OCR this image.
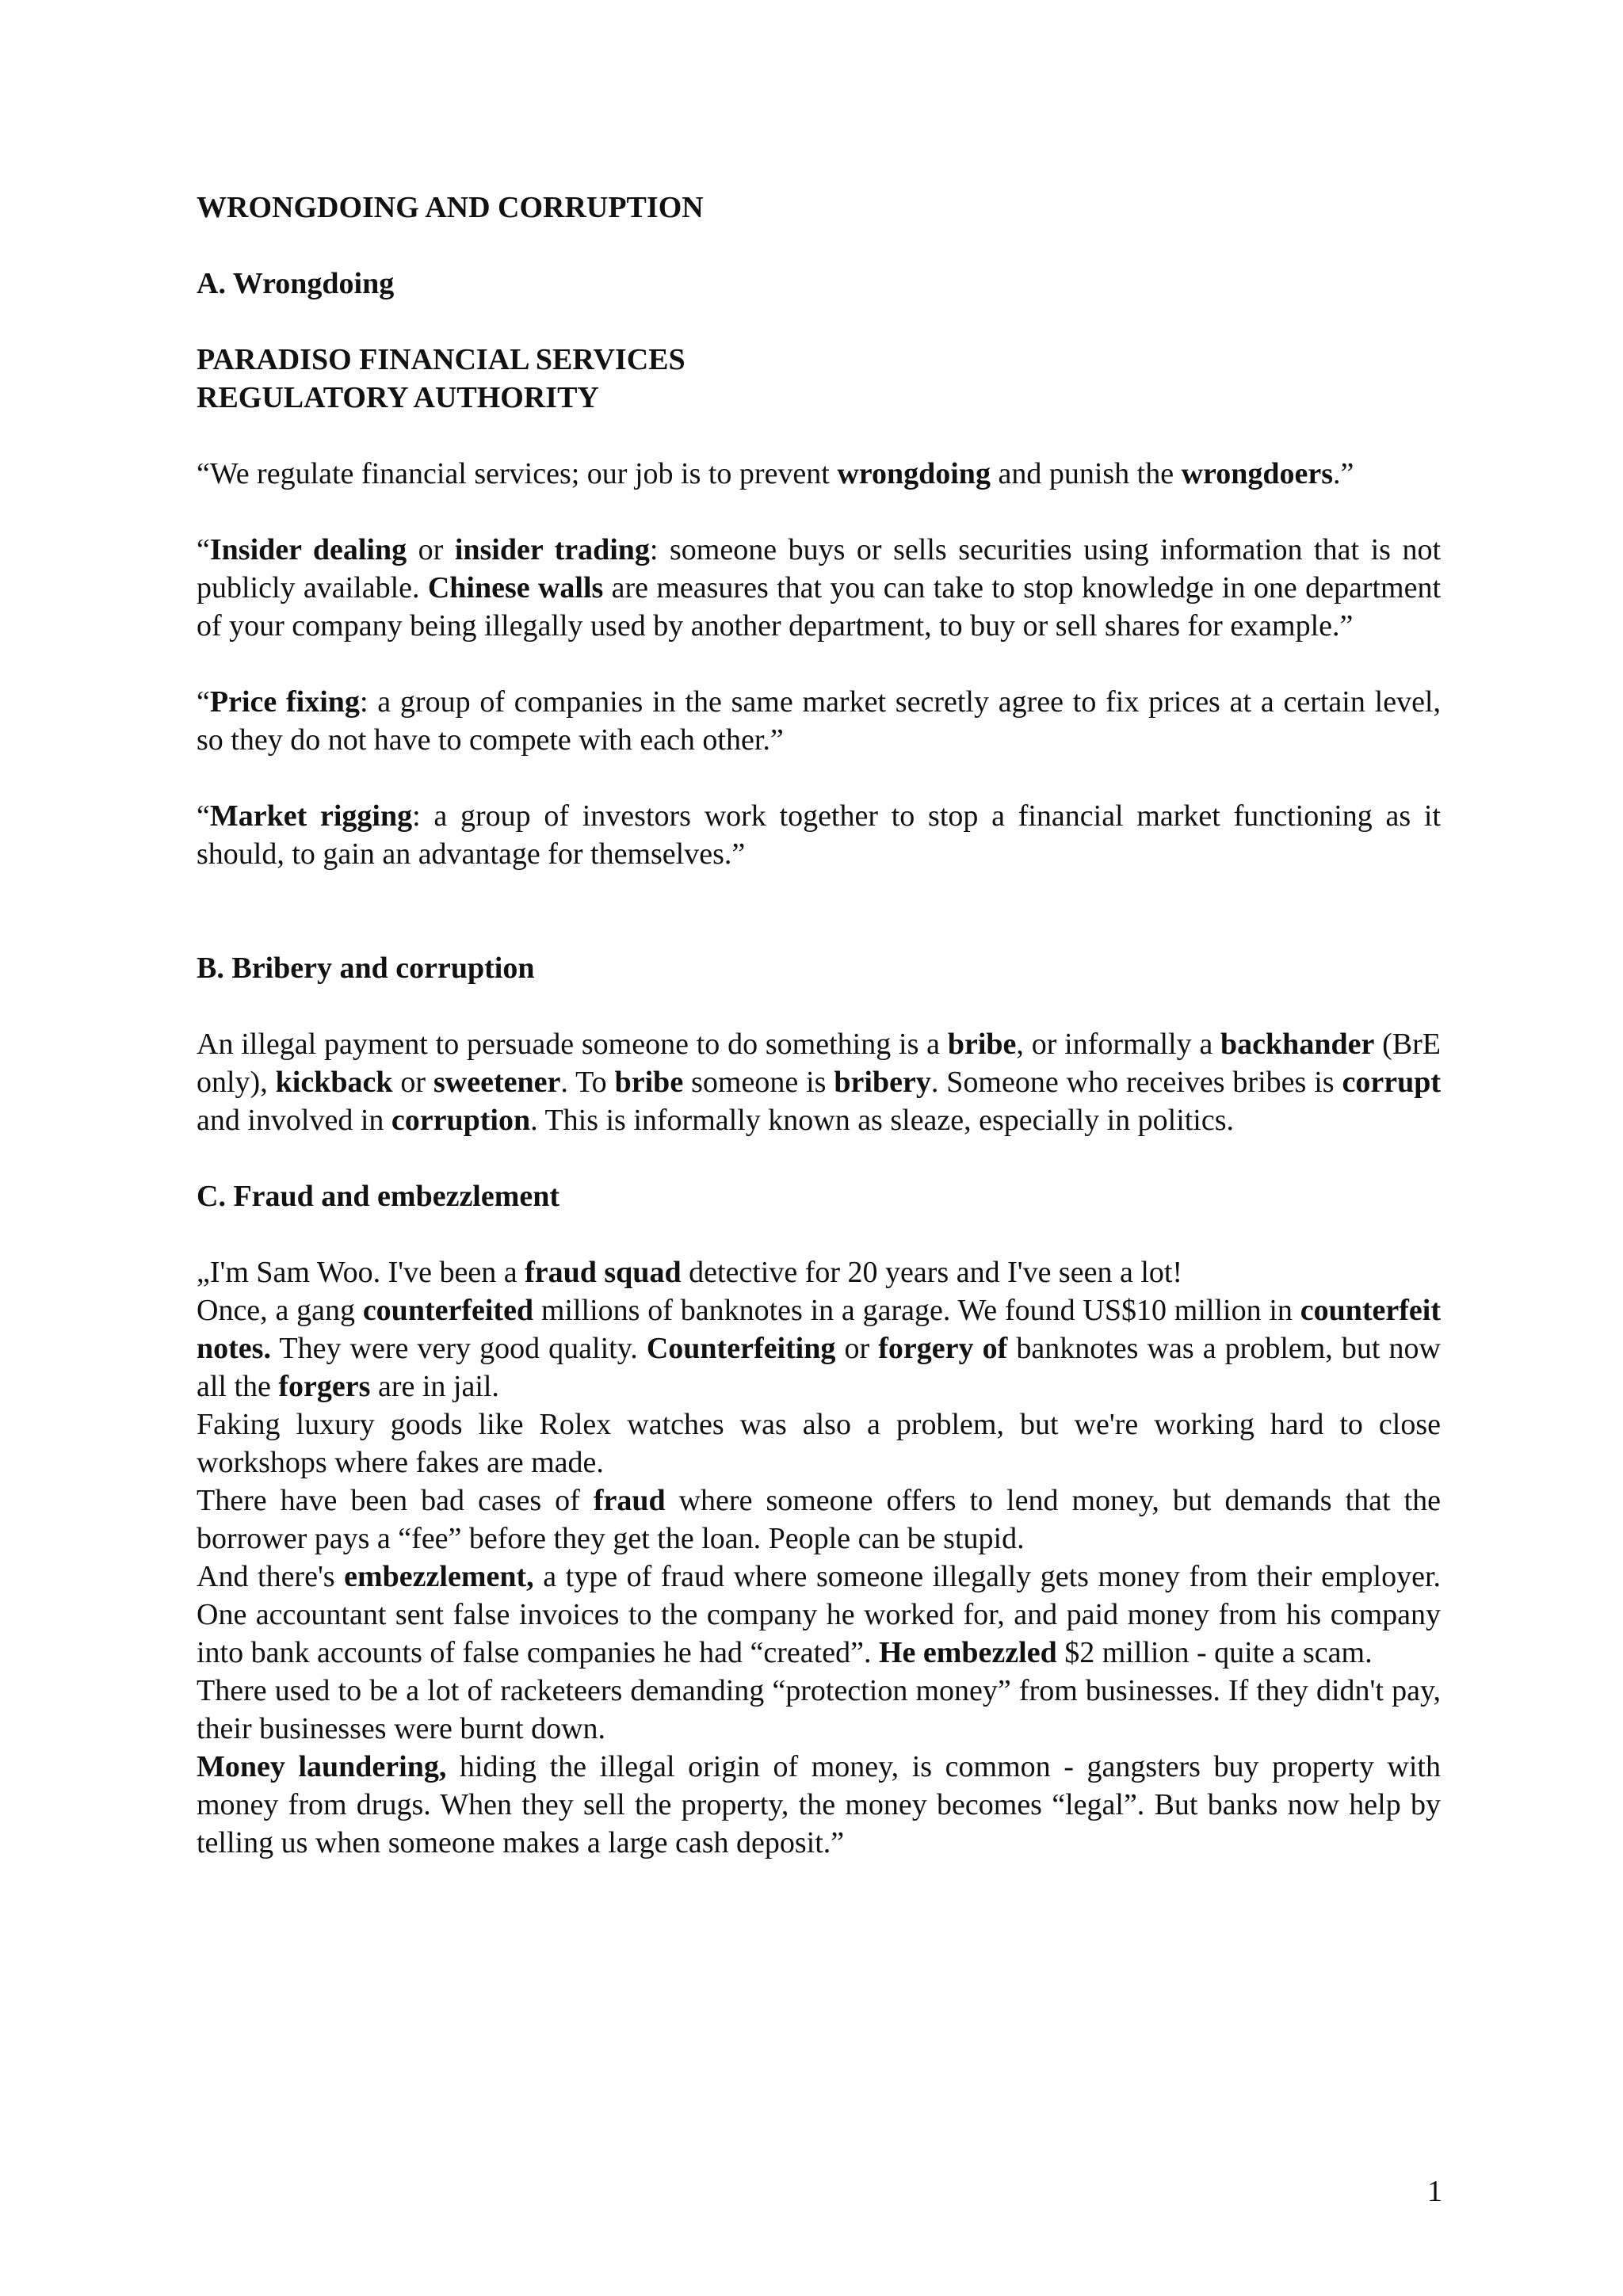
WRONGDOING AND CORRUPTION

A. Wrongdoing

PARADISO FINANCIAL SERVICES
REGULATORY AUTHORITY

“We regulate financial services; our job is to prevent wrongdoing and punish the wrongdoers.”

“Insider dealing or insider trading: someone buys or sells securities using information that is not publicly available. Chinese walls are measures that you can take to stop knowledge in one department of your company being illegally used by another department, to buy or sell shares for example.”

“Price fixing: a group of companies in the same market secretly agree to fix prices at a certain level, so they do not have to compete with each other.”

“Market rigging: a group of investors work together to stop a financial market functioning as it should, to gain an advantage for themselves.”

B. Bribery and corruption

An illegal payment to persuade someone to do something is a bribe, or informally a backhander (BrE only), kickback or sweetener. To bribe someone is bribery. Someone who receives bribes is corrupt and involved in corruption. This is informally known as sleaze, especially in politics.

C. Fraud and embezzlement

„I'm Sam Woo. I've been a fraud squad detective for 20 years and I've seen a lot!

Once, a gang counterfeited millions of banknotes in a garage. We found US$10 million in counterfeit notes. They were very good quality. Counterfeiting or forgery of banknotes was a problem, but now all the forgers are in jail.

Faking luxury goods like Rolex watches was also a problem, but we're working hard to close workshops where fakes are made.

There have been bad cases of fraud where someone offers to lend money, but demands that the borrower pays a “fee” before they get the loan. People can be stupid.

And there's embezzlement, a type of fraud where someone illegally gets money from their employer. One accountant sent false invoices to the company he worked for, and paid money from his company into bank accounts of false companies he had “created”. He embezzled $2 million - quite a scam.

There used to be a lot of racketeers demanding “protection money” from businesses. If they didn't pay, their businesses were burnt down.

Money laundering, hiding the illegal origin of money, is common - gangsters buy property with money from drugs. When they sell the property, the money becomes “legal”. But banks now help by telling us when someone makes a large cash deposit.”

1
